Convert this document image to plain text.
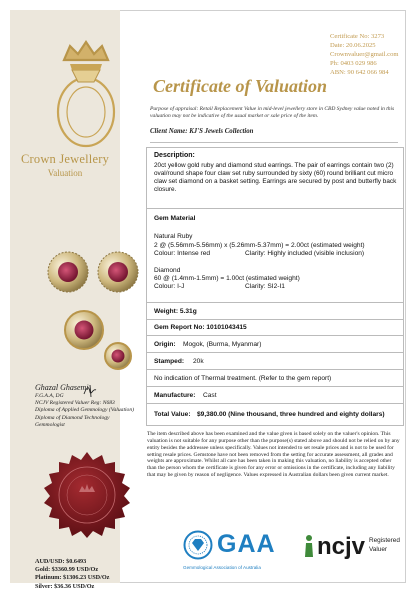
Crown Jewellery
Valuation
Certificate No: 3273
Date: 20.06.2025
Crownvaluer@gmail.com
Ph: 0403 029 986
ABN: 90 642 066 984
Certificate of Valuation
Purpose of appraisal: Retail Replacement Value in mid-level jewellery store in CBD Sydney value noted in this valuation may not be indicative of the usual market or sale price of the item.
Client Name: KJ'S Jewels Collection
Description:
20ct yellow gold ruby and diamond stud earrings. The pair of earrings contain two (2) oval/round shape four claw set ruby surrounded by sixty (60) round brilliant cut micro claw set diamond on a basket setting. Earrings are secured by post and butterfly back closure.
Gem Material
Natural Ruby
2 @ (5.56mm-5.56mm) x (5.26mm-5.37mm) = 2.00ct (estimated weight)
Colour: Intense red	Clarity: Highly included (visible inclusion)
Diamond
60 @ (1.4mm-1.5mm) = 1.00ct (estimated weight)
Colour: I-J	Clarity: SI2-I1
Weight: 5.31g
Gem Report No: 10101043415
Origin: Mogok, (Burma, Myanmar)
Stamped: 20k
No indication of Thermal treatment. (Refer to the gem report)
Manufacture: Cast
Total Value: $9,380.00 (Nine thousand, three hundred and eighty dollars)
Ghazal Ghasemi
F.G.A.A, DG
NCJV Registered Valuer Reg: N683
Diploma of Applied Gemmology (Valuation)
Diploma of Diamond Technology
Gemmologist
AUD/USD: $0.6493
Gold: $3360.99 USD/Oz
Platinum: $1306.23 USD/Oz
Silver: $36.36 USD/Oz
The item described above has been examined and the value given is based solely on the valuer's opinion. This valuation is not suitable for any purpose other than the purpose(s) stated above and should not be relied on by any entity besides the addressee unless specifically. Values not intended to set resale prices and is not to be used for setting resale prices. Gemstone have not been removed from the setting for accurate assessment, all grades and weights are approximate. Whilst all care has been taken in making this valuation, no liability is accepted other than the person whom the certificate is given for any error or omissions in the certificate, including any liability that may be given by reason of negligence. Values expressed in Australian dollars been given current market.
GAA
Gemmological Association of Australia
ncjv Registered
Valuer
